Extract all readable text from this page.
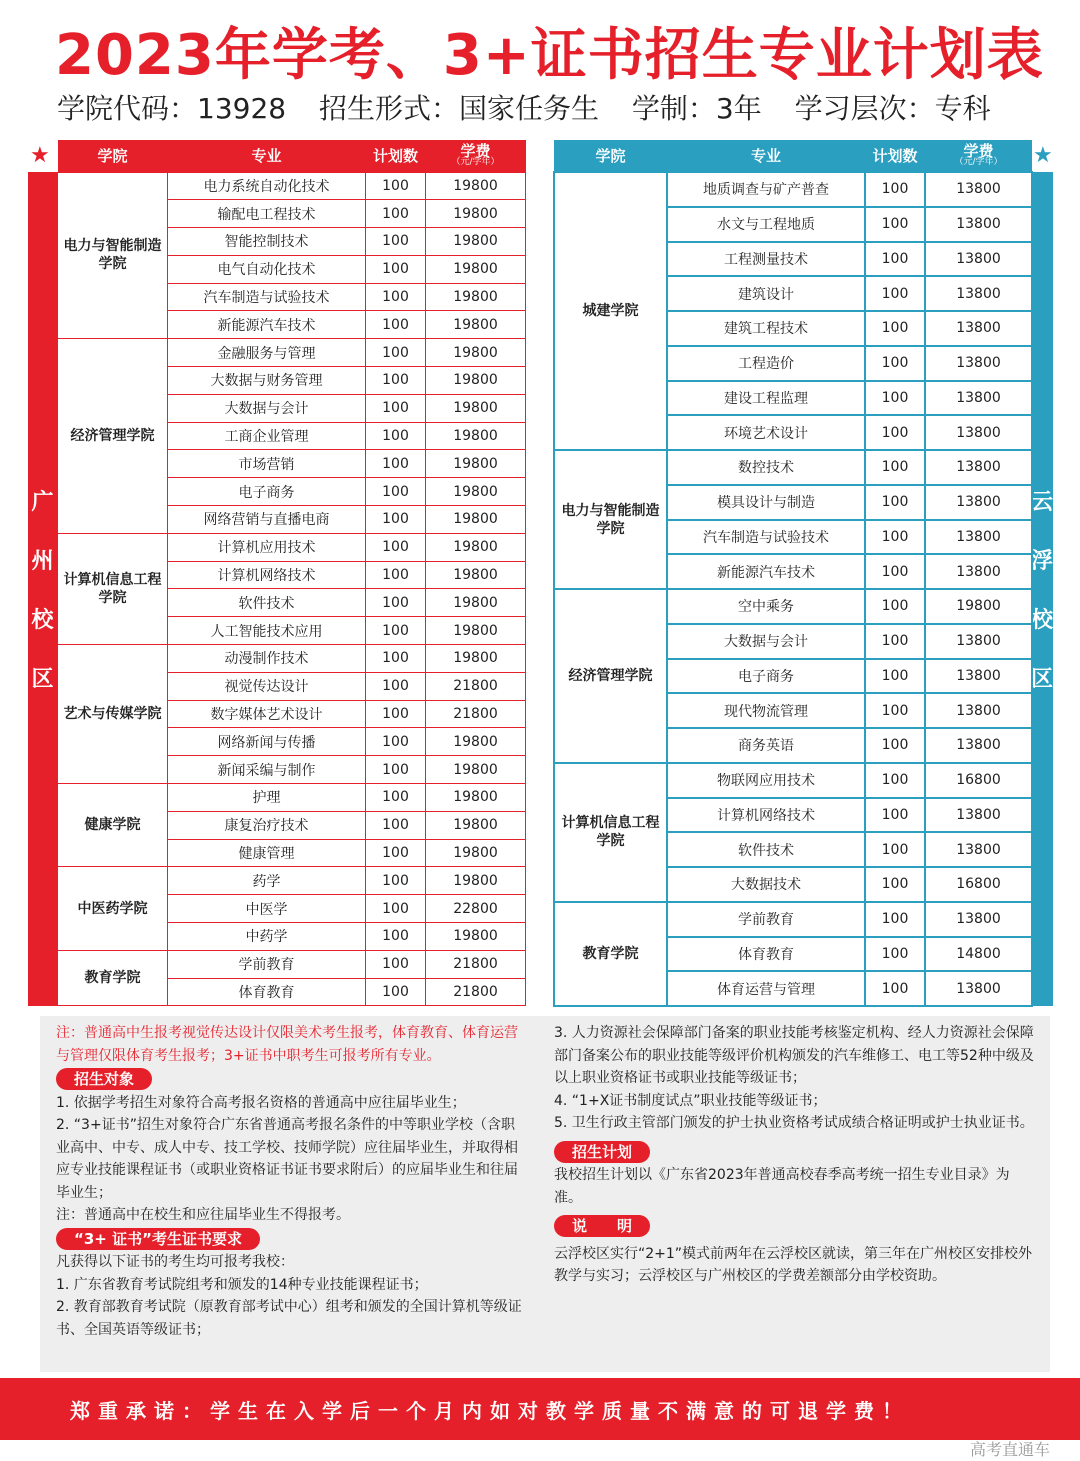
2023年学考、3+证书招生专业计划表
学院代码：13928 招生形式：国家任务生 学制：3年 学习层次：专科
★	★
广
州
校
区
云
浮
校
区
学院	专业	计划数	学费
（元/学年）

电力与智能制造学院	电力系统自动化技术	100	19800
	输配电工程技术	100	19800
	智能控制技术	100	19800
	电气自动化技术	100	19800
	汽车制造与试验技术	100	19800
	新能源汽车技术	100	19800
经济管理学院	金融服务与管理	100	19800
	大数据与财务管理	100	19800
	大数据与会计	100	19800
	工商企业管理	100	19800
	市场营销	100	19800
	电子商务	100	19800
	网络营销与直播电商	100	19800
计算机信息工程学院	计算机应用技术	100	19800
	计算机网络技术	100	19800
	软件技术	100	19800
	人工智能技术应用	100	19800
艺术与传媒学院	动漫制作技术	100	19800
	视觉传达设计	100	21800
	数字媒体艺术设计	100	21800
	网络新闻与传播	100	19800
	新闻采编与制作	100	19800
健康学院	护理	100	19800
	康复治疗技术	100	19800
	健康管理	100	19800
中医药学院	药学	100	19800
	中医学	100	22800
	中药学	100	19800
教育学院	学前教育	100	21800
	体育教育	100	21800
学院	专业	计划数	学费
（元/学年）

城建学院	地质调查与矿产普查	100	13800
	水文与工程地质	100	13800
	工程测量技术	100	13800
	建筑设计	100	13800
	建筑工程技术	100	13800
	工程造价	100	13800
	建设工程监理	100	13800
	环境艺术设计	100	13800
电力与智能制造学院	数控技术	100	13800
	模具设计与制造	100	13800
	汽车制造与试验技术	100	13800
	新能源汽车技术	100	13800
经济管理学院	空中乘务	100	19800
	大数据与会计	100	13800
	电子商务	100	13800
	现代物流管理	100	13800
	商务英语	100	13800
计算机信息工程学院	物联网应用技术	100	16800
	计算机网络技术	100	13800
	软件技术	100	13800
	大数据技术	100	16800
教育学院	学前教育	100	13800
	体育教育	100	14800
	体育运营与管理	100	13800
注：普通高中生报考视觉传达设计仅限美术考生报考，体育教育、体育运营与管理仅限体育考生报考；3+证书中职考生可报考所有专业。
招生对象
1. 依据学考招生对象符合高考报名资格的普通高中应往届毕业生；
2. “3+证书”招生对象符合广东省普通高考报名条件的中等职业学校（含职业高中、中专、成人中专、技工学校、技师学院）应往届毕业生，并取得相应专业技能课程证书（或职业资格证书证书要求附后）的应届毕业生和往届毕业生；
注：普通高中在校生和应往届毕业生不得报考。
“3+ 证书”考生证书要求
凡获得以下证书的考生均可报考我校：
1. 广东省教育考试院组考和颁发的14种专业技能课程证书；
2. 教育部教育考试院（原教育部考试中心）组考和颁发的全国计算机等级证书、全国英语等级证书；
3. 人力资源社会保障部门备案的职业技能考核鉴定机构、经人力资源社会保障部门备案公布的职业技能等级评价机构颁发的汽车维修工、电工等52种中级及以上职业资格证书或职业技能等级证书；
4. “1+X证书制度试点”职业技能等级证书；
5. 卫生行政主管部门颁发的护士执业资格考试成绩合格证明或护士执业证书。
招生计划
我校招生计划以《广东省2023年普通高校春季高考统一招生专业目录》为准。
说　　明
云浮校区实行“2+1”模式前两年在云浮校区就读，第三年在广州校区安排校外教学与实习；云浮校区与广州校区的学费差额部分由学校资助。
郑重承诺：学生在入学后一个月内如对教学质量不满意的可退学费！
高考直通车
